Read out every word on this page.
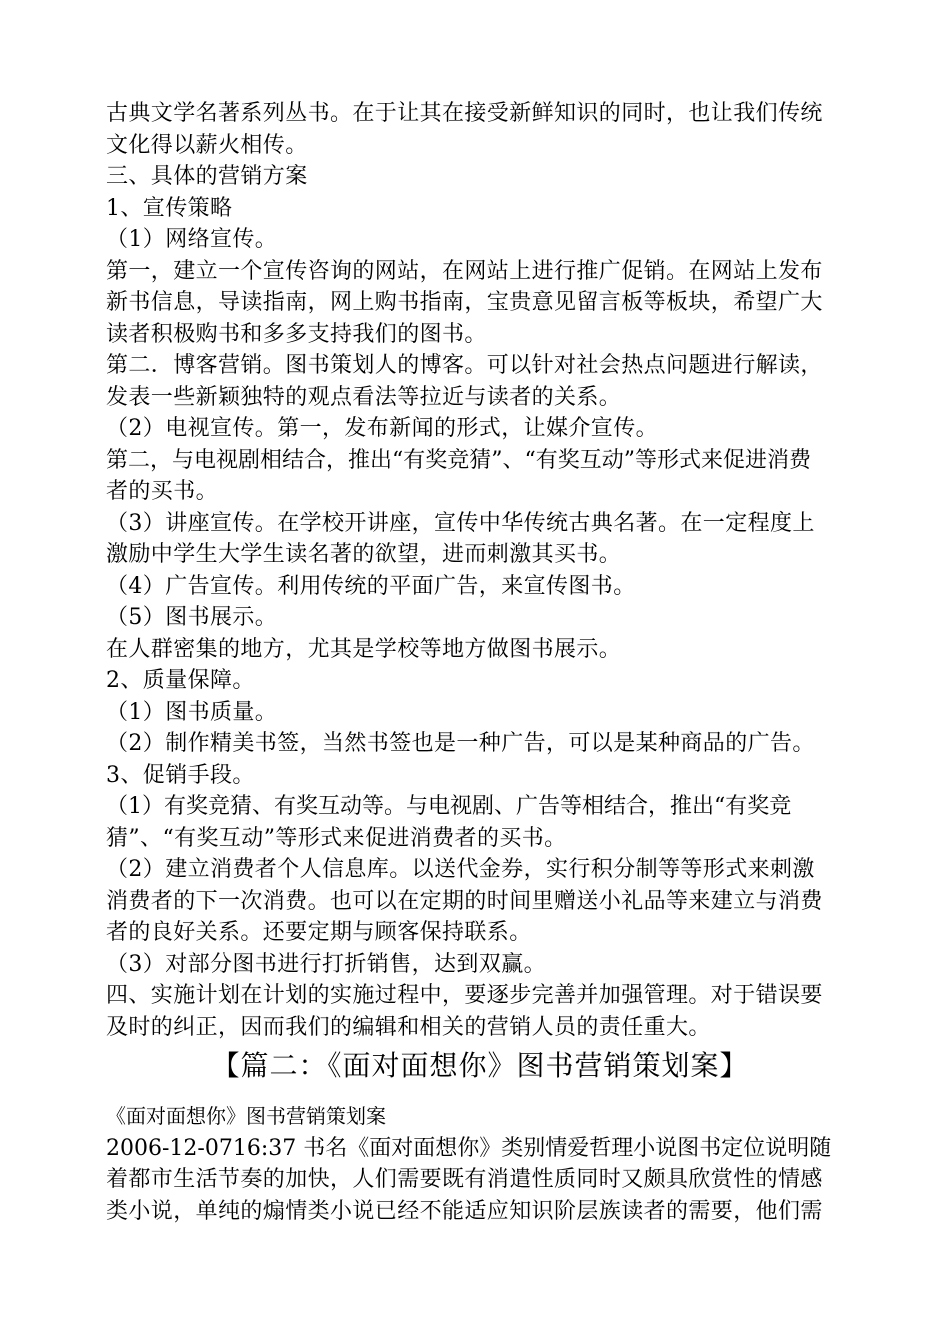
古典文学名著系列丛书。在于让其在接受新鲜知识的同时，也让我们传统
文化得以薪火相传。
三、具体的营销方案
1、宣传策略
（1）网络宣传。
第一，建立一个宣传咨询的网站，在网站上进行推广促销。在网站上发布
新书信息，导读指南，网上购书指南，宝贵意见留言板等板块，希望广大
读者积极购书和多多支持我们的图书。
第二．博客营销。图书策划人的博客。可以针对社会热点问题进行解读，
发表一些新颖独特的观点看法等拉近与读者的关系。
（2）电视宣传。第一，发布新闻的形式，让媒介宣传。
第二，与电视剧相结合，推出“有奖竞猜”、“有奖互动”等形式来促进消费
者的买书。
（3）讲座宣传。在学校开讲座，宣传中华传统古典名著。在一定程度上
激励中学生大学生读名著的欲望，进而刺激其买书。
（4）广告宣传。利用传统的平面广告，来宣传图书。
（5）图书展示。
在人群密集的地方，尤其是学校等地方做图书展示。
2、质量保障。
（1）图书质量。
（2）制作精美书签，当然书签也是一种广告，可以是某种商品的广告。
3、促销手段。
（1）有奖竞猜、有奖互动等。与电视剧、广告等相结合，推出“有奖竞
猜”、“有奖互动”等形式来促进消费者的买书。
（2）建立消费者个人信息库。以送代金券，实行积分制等等形式来刺激
消费者的下一次消费。也可以在定期的时间里赠送小礼品等来建立与消费
者的良好关系。还要定期与顾客保持联系。
（3）对部分图书进行打折销售，达到双赢。
四、实施计划在计划的实施过程中，要逐步完善并加强管理。对于错误要
及时的纠正，因而我们的编辑和相关的营销人员的责任重大。
【篇二：《面对面想你》图书营销策划案】
《面对面想你》图书营销策划案
2006-12-0716:37 书名《面对面想你》类别情爱哲理小说图书定位说明随
着都市生活节奏的加快，人们需要既有消遣性质同时又颇具欣赏性的情感
类小说，单纯的煽情类小说已经不能适应知识阶层族读者的需要，他们需
